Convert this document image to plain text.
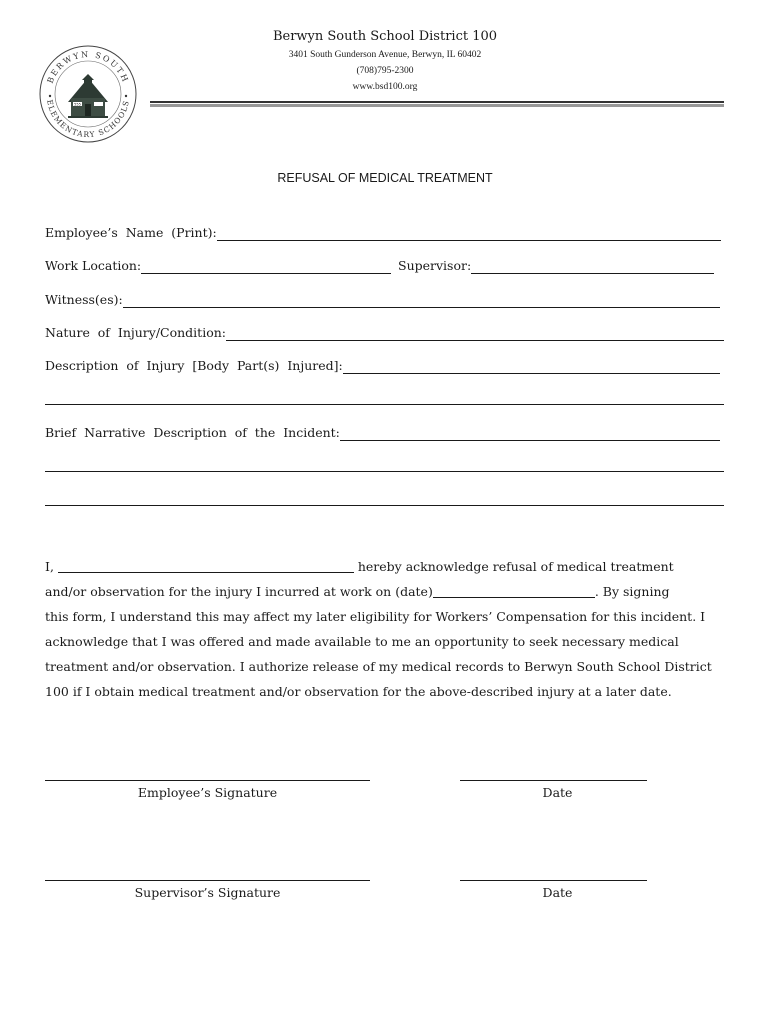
BERWYN SOUTH
ELEMENTARY SCHOOLS
555
Berwyn South School District 100
3401 South Gunderson Avenue, Berwyn, IL 60402
(708)795-2300
www.bsd100.org
REFUSAL OF MEDICAL TREATMENT
Employee’s  Name  (Print):
Work Location:	Supervisor:
Witness(es):
Nature  of  Injury/Condition:
Description  of  Injury  [Body  Part(s)  Injured]:
Brief  Narrative  Description  of  the  Incident:
I,	hereby acknowledge refusal of medical treatment
and/or observation for the injury I incurred at work on (date)	. By signing
this form, I understand this may affect my later eligibility for Workers’ Compensation for this incident. I
acknowledge that I was offered and made available to me an opportunity to seek necessary medical
treatment and/or observation. I authorize release of my medical records to Berwyn South School District
100 if I obtain medical treatment and/or observation for the above-described injury at a later date.
Employee’s Signature	Date
Supervisor’s Signature	Date
